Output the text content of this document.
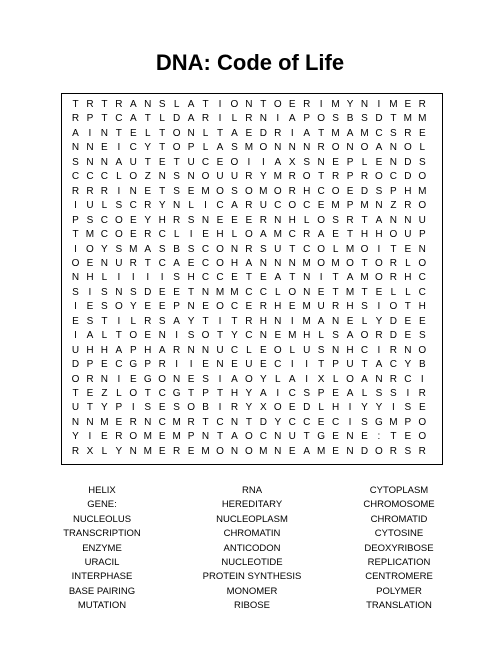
DNA: Code of Life
T R T R A N S L A T	I O N T O E R I M Y N I M E R
R P T C A T L D A R I	L R N I A P O S B S D T M M
A I N T E L T O N L T A E D R I A T M A M C S R E
N N E I C Y T O P L A S M O N N N R O N O A N O L
S N N A U T E T U C E O I	I A X S N E P L E N D S
C C C L O Z N S N O U U R Y M R O T R P R O C D O
R R R I N E T S E M O S O M O R H C O E D S P H M
I U L S C R Y N L	I C A R U C O C E M P M N Z R O
P S C O E Y H R S N E E E R N H L O S R T A N N U
T M C O E R C L	I E H L O A M C R A E T H H O U P
I O Y S M A S B S C O N R S U T C O L M O I	T E N
O E N U R T C A E C O H A N N N M O M O T O R L O
N H L	I	I	I	I S H C C E T E A T N I	T A M O R H C
S I S N S D E E T N M M C C L O N E T M T E L L C
I E S O Y E E P N E O C E R H E M U R H S I O T H
E S T	I	L R S A Y T	I T R H N I M A N E L Y D E E
I A L T O E N I S O T Y C N E M H L S A O R D E S
U H H A P H A R N N U C L E O L U S N H C I R N O
D P E C G P R I	I E N E U E C I	I	T P U T A C Y B
O R N I E G O N E S I A O Y L A I X L O A N R C I
T E Z L O T C G T P T H Y A I C S P E A L S S I R
U T Y P I S E S O B I R Y X O E D L H I Y Y I S E
N N M E R N C M R T C N T D Y C C E C I S G M P O
Y I E R O M E M P N T A O C N U T G E N E :	T E O
R X L Y N M E R E M O N O M N E A M E N D O R S R
HELIX
GENE:
NUCLEOLUS
TRANSCRIPTION
ENZYME
URACIL
INTERPHASE
BASE PAIRING
MUTATION
RNA
HEREDITARY
NUCLEOPLASM
CHROMATIN
ANTICODON
NUCLEOTIDE
PROTEIN SYNTHESIS
MONOMER
RIBOSE
CYTOPLASM
CHROMOSOME
CHROMATID
CYTOSINE
DEOXYRIBOSE
REPLICATION
CENTROMERE
POLYMER
TRANSLATION
